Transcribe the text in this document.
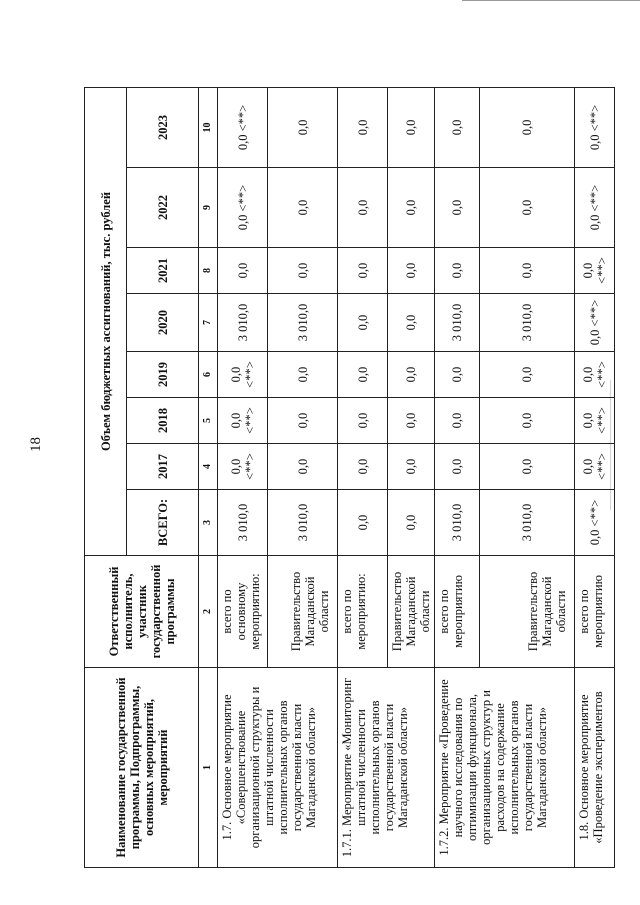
18
Наименование государственной программы, Подпрограммы, основных мероприятий, мероприятий	Ответственный исполнитель, участник государственной программы	Объем бюджетных ассигнований, тыс. рублей							
		ВСЕГО:	2017	2018	2019	2020	2021	2022	2023
1	2	3	4	5	6	7	8	9	10
1.7. Основное мероприятие «Совершенствование организационной структуры и штатной численности исполнительных органов государственной власти Магаданской области»	всего по основному мероприятию:	3 010,0	0,0 <**>	0,0 <**>	0,0 <**>	3 010,0	0,0	0,0 <**>	0,0 <**>
	Правительство Магаданской области	3 010,0	0,0	0,0	0,0	3 010,0	0,0	0,0	0,0
1.7.1. Мероприятие «Мониторинг штатной численности исполнительных органов государственной власти Магаданской области»	всего по мероприятию:	0,0	0,0	0,0	0,0	0,0	0,0	0,0	0,0
	Правительство Магаданской области	0,0	0,0	0,0	0,0	0,0	0,0	0,0	0,0
1.7.2. Мероприятие «Проведение научного исследования по оптимизации функционала, организационных структур и расходов на содержание исполнительных органов государственной власти Магаданской области»	всего по мероприятию	3 010,0	0,0	0,0	0,0	3 010,0	0,0	0,0	0,0
	Правительство Магаданской области	3 010,0	0,0	0,0	0,0	3 010,0	0,0	0,0	0,0
1.8. Основное мероприятие «Проведение экспериментов	всего по мероприятию	0,0 <**>	0,0 <**>	0,0 <**>	0,0 <**>	0,0 <**>	0,0 <**>	0,0 <**>	0,0 <**>
